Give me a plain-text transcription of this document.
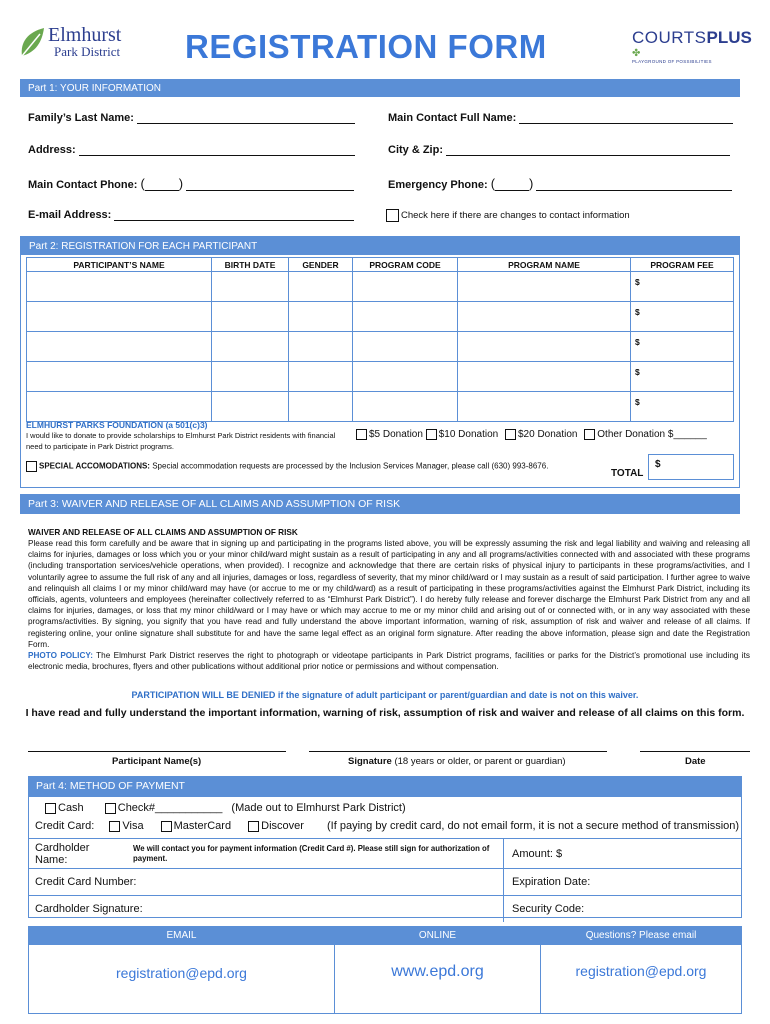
Elmhurst
Park District REGISTRATION FORM	COURTSPLUS ✤
PLAYGROUND OF POSSIBILITIES
Part 1: YOUR INFORMATION
Family’s Last Name:	Main Contact Full Name:
Address:	City & Zip:
Main Contact Phone: (	)	Emergency Phone: (	)
E-mail Address:	Check here if there are changes to contact information
Part 2: REGISTRATION FOR EACH PARTICIPANT
PARTICIPANT’S NAME	BIRTH DATE	GENDER	PROGRAM CODE	PROGRAM NAME	PROGRAM FEE
					$
					$
					$
					$
					$
ELMHURST PARKS FOUNDATION (a 501(c)3)
I would like to donate to provide scholarships to Elmhurst Park District residents with financial need to participate in Park District programs.
$5 Donation $10 Donation $20 Donation Other Donation $______
SPECIAL ACCOMODATIONS: Special accommodation requests are processed by the Inclusion Services Manager, please call (630) 993-8676.
TOTAL
$
Part 3: WAIVER AND RELEASE OF ALL CLAIMS AND ASSUMPTION OF RISK
WAIVER AND RELEASE OF ALL CLAIMS AND ASSUMPTION OF RISK
Please read this form carefully and be aware that in signing up and participating in the programs listed above, you will be expressly assuming the risk and legal liability and waiving and releasing all claims for injuries, damages or loss which you or your minor child/ward might sustain as a result of participating in any and all programs/activities connected with and associated with these programs (including transportation services/vehicle operations, when provided). I recognize and acknowledge that there are certain risks of physical injury to participants in these programs/activities, and I voluntarily agree to assume the full risk of any and all injuries, damages or loss, regardless of severity, that my minor child/ward or I may sustain as a result of said participation. I further agree to waive and relinquish all claims I or my minor child/ward may have (or accrue to me or my child/ward) as a result of participating in these programs/activities against the Elmhurst Park District, including its officials, agents, volunteers and employees (hereinafter collectively referred to as “Elmhurst Park District”). I do hereby fully release and forever discharge the Elmhurst Park District from any and all claims for injuries, damages, or loss that my minor child/ward or I may have or which may accrue to me or my minor child and arising out of or connected with, or in any way associated with these programs/activities. By signing, you signify that you have read and fully understand the above important information, warning of risk, assumption of risk and waiver and release of all claims. If registering online, your online signature shall substitute for and have the same legal effect as an original form signature. After reading the above information, please sign and date the Registration Form.
PHOTO POLICY: The Elmhurst Park District reserves the right to photograph or videotape participants in Park District programs, facilities or parks for the District’s promotional use including its electronic media, brochures, flyers and other publications without additional prior notice or permissions and without compensation.
PARTICIPATION WILL BE DENIED if the signature of adult participant or parent/guardian and date is not on this waiver.
I have read and fully understand the important information, warning of risk, assumption of risk and waiver and release of all claims on this form.
Participant Name(s)	Signature (18 years or older, or parent or guardian)	Date
Part 4: METHOD OF PAYMENT
Cash	Check#___________ (Made out to Elmhurst Park District)
Credit Card:	Visa	MasterCard	Discover (If paying by credit card, do not email form, it is not a secure method of transmission)
Cardholder Name:
We will contact you for payment information (Credit Card #). Please still sign for authorization of payment.	Amount: $
Credit Card Number:	Expiration Date:
Cardholder Signature:	Security Code:
EMAIL
registration@epd.org
ONLINE
www.epd.org
Questions? Please email
registration@epd.org
